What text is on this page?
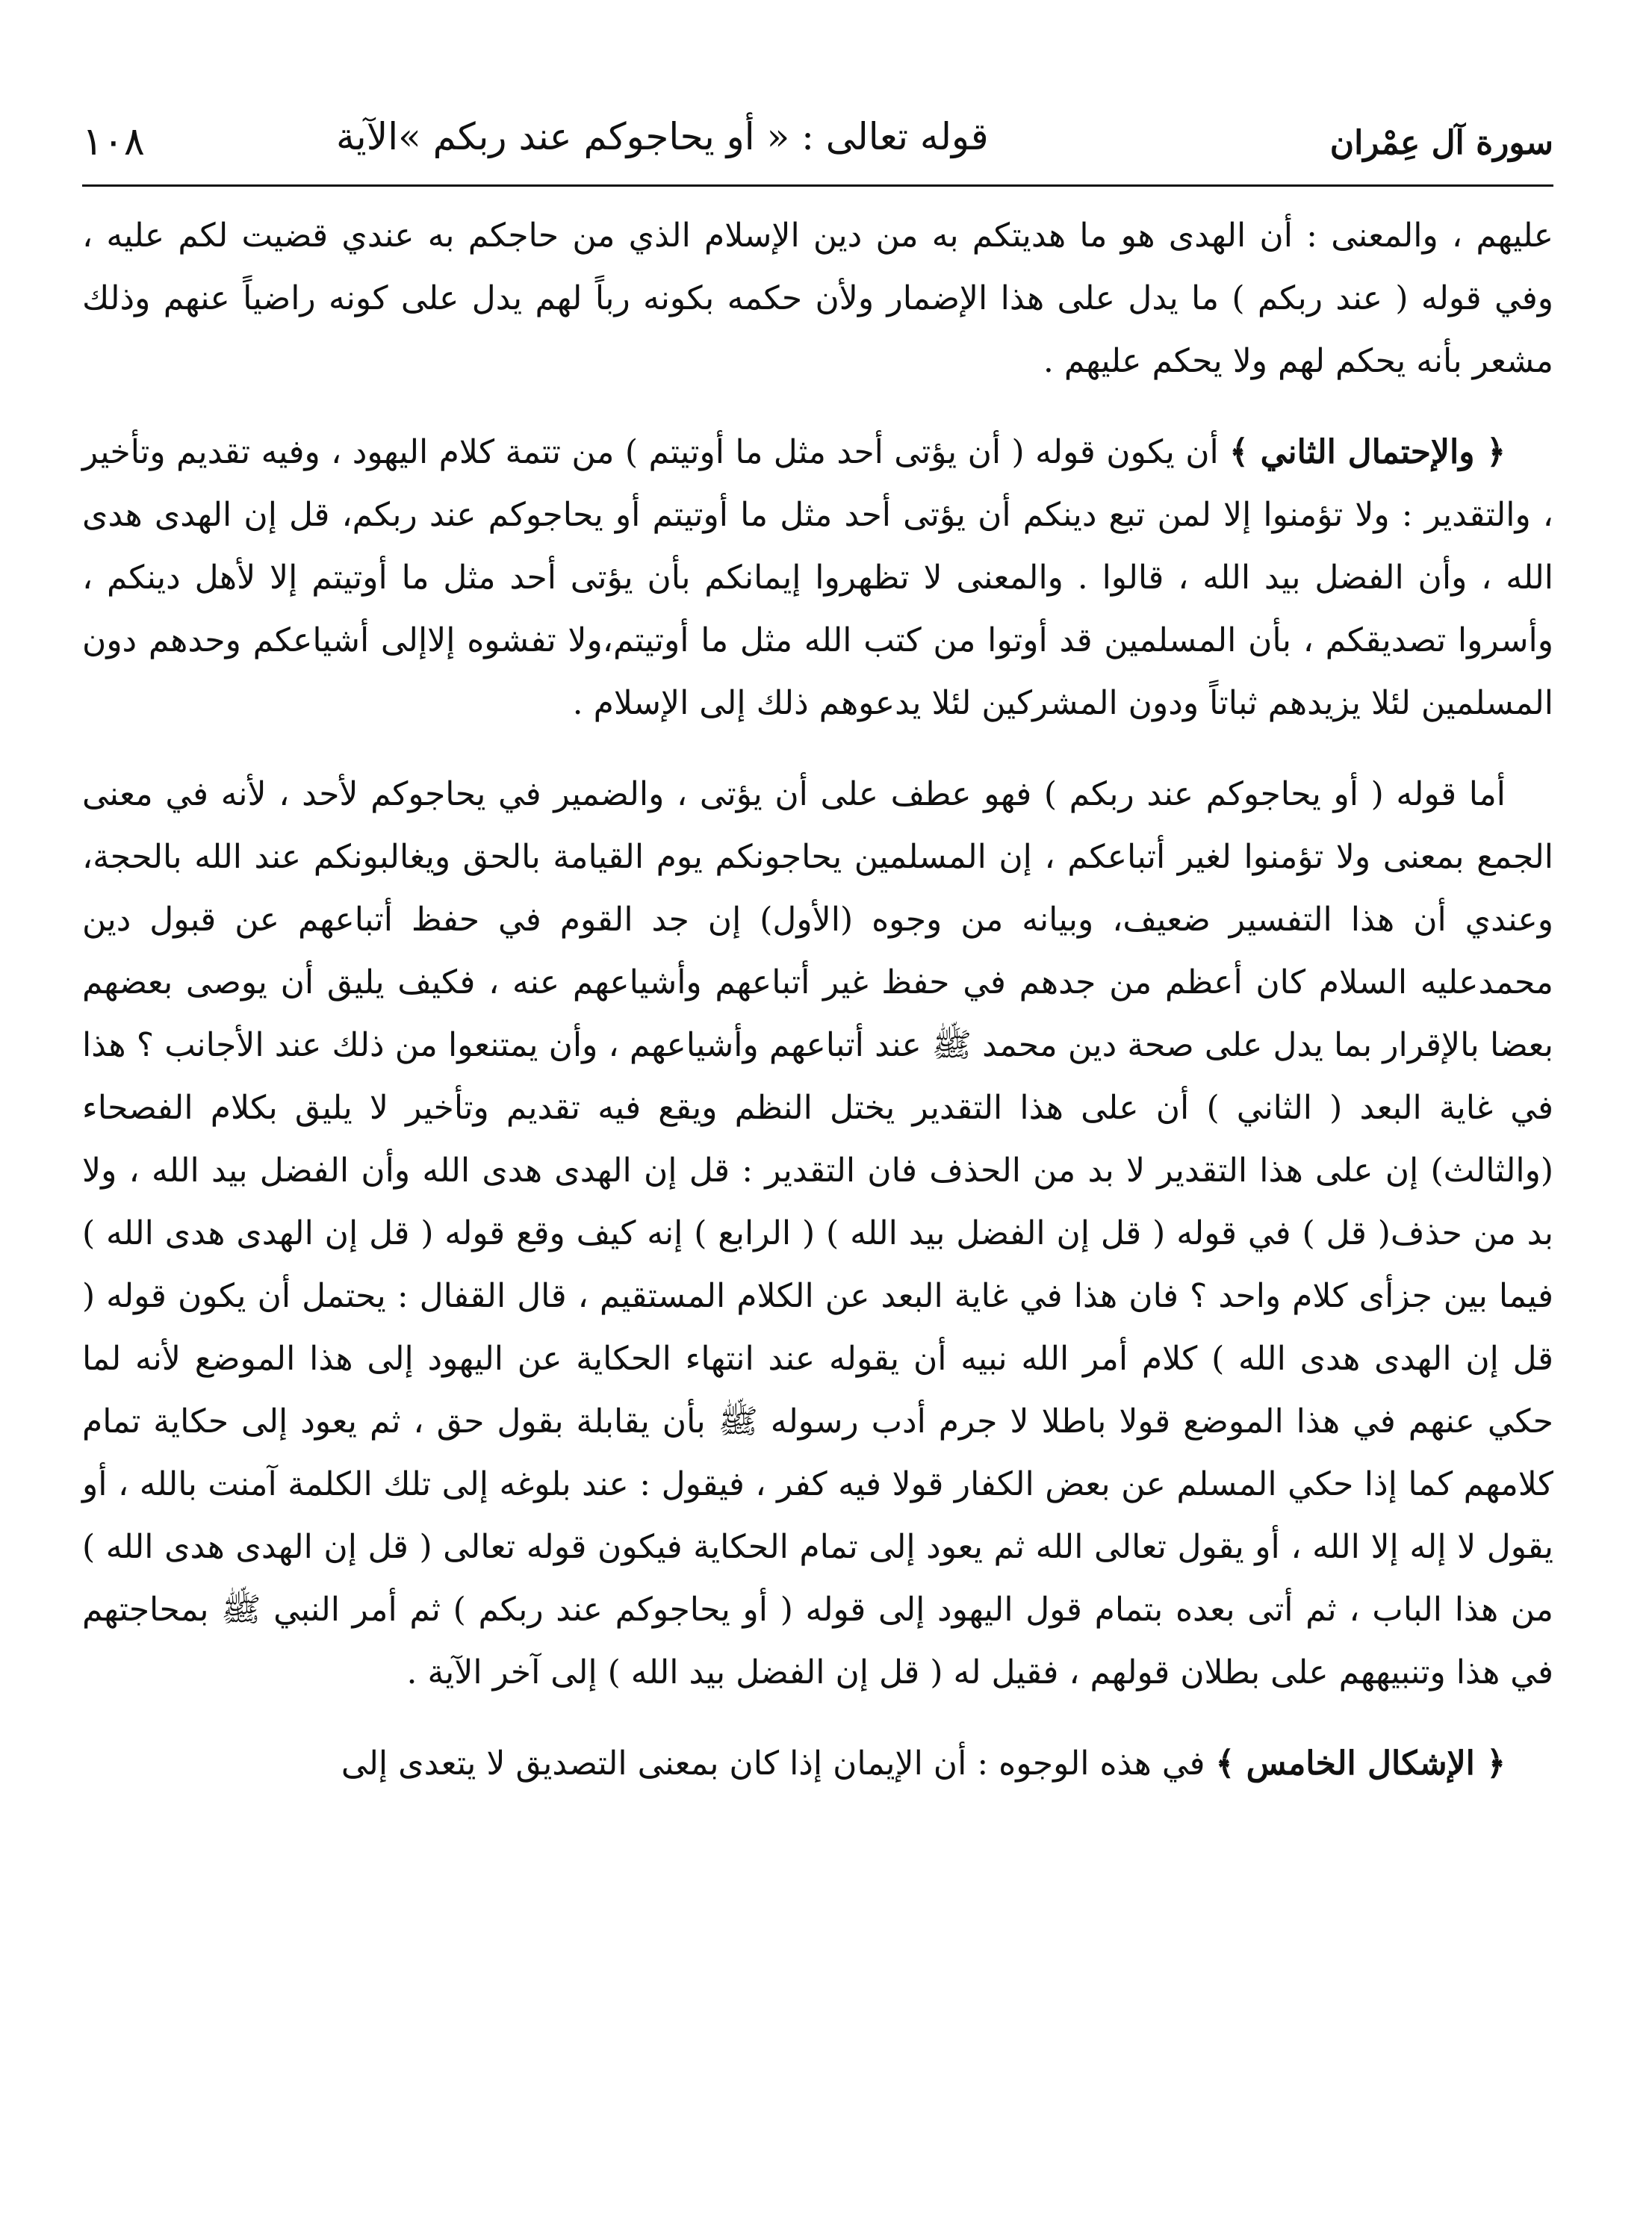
١٠٨	قوله تعالى : « أو يحاجوكم عند ربكم »الآية	سورة آل عِمْران

عليهم ، والمعنى : أن الهدى هو ما هديتكم به من دين الإسلام الذي من حاجكم به عندي قضيت لكم عليه ، وفي قوله ( عند ربكم ) ما يدل على هذا الإضمار ولأن حكمه بكونه رباً لهم يدل على كونه راضياً عنهم وذلك مشعر بأنه يحكم لهم ولا يحكم عليهم .

﴿ والإحتمال الثاني ﴾ أن يكون قوله ( أن يؤتى أحد مثل ما أوتيتم ) من تتمة كلام اليهود ، وفيه تقديم وتأخير ، والتقدير : ولا تؤمنوا إلا لمن تبع دينكم أن يؤتى أحد مثل ما أوتيتم أو يحاجوكم عند ربكم، قل إن الهدى هدى الله ، وأن الفضل بيد الله ، قالوا . والمعنى لا تظهروا إيمانكم بأن يؤتى أحد مثل ما أوتيتم إلا لأهل دينكم ، وأسروا تصديقكم ، بأن المسلمين قد أوتوا من كتب الله مثل ما أوتيتم،ولا تفشوه إلاإلى أشياعكم وحدهم دون المسلمين لئلا يزيدهم ثباتاً ودون المشركين لئلا يدعوهم ذلك إلى الإسلام .

أما قوله ( أو يحاجوكم عند ربكم ) فهو عطف على أن يؤتى ، والضمير في يحاجوكم لأحد ، لأنه في معنى الجمع بمعنى ولا تؤمنوا لغير أتباعكم ، إن المسلمين يحاجونكم يوم القيامة بالحق ويغالبونكم عند الله بالحجة، وعندي أن هذا التفسير ضعيف، وبيانه من وجوه (الأول) إن جد القوم في حفظ أتباعهم عن قبول دين محمدعليه السلام كان أعظم من جدهم في حفظ غير أتباعهم وأشياعهم عنه ، فكيف يليق أن يوصى بعضهم بعضا بالإقرار بما يدل على صحة دين محمد ﷺ عند أتباعهم وأشياعهم ، وأن يمتنعوا من ذلك عند الأجانب ؟ هذا في غاية البعد ( الثاني ) أن على هذا التقدير يختل النظم ويقع فيه تقديم وتأخير لا يليق بكلام الفصحاء (والثالث) إن على هذا التقدير لا بد من الحذف فان التقدير : قل إن الهدى هدى الله وأن الفضل بيد الله ، ولا بد من حذف( قل ) في قوله ( قل إن الفضل بيد الله ) ( الرابع ) إنه كيف وقع قوله ( قل إن الهدى هدى الله ) فيما بين جزأى كلام واحد ؟ فان هذا في غاية البعد عن الكلام المستقيم ، قال القفال : يحتمل أن يكون قوله ( قل إن الهدى هدى الله ) كلام أمر الله نبيه أن يقوله عند انتهاء الحكاية عن اليهود إلى هذا الموضع لأنه لما حكي عنهم في هذا الموضع قولا باطلا لا جرم أدب رسوله ﷺ بأن يقابلة بقول حق ، ثم يعود إلى حكاية تمام كلامهم كما إذا حكي المسلم عن بعض الكفار قولا فيه كفر ، فيقول : عند بلوغه إلى تلك الكلمة آمنت بالله ، أو يقول لا إله إلا الله ، أو يقول تعالى الله ثم يعود إلى تمام الحكاية فيكون قوله تعالى ( قل إن الهدى هدى الله ) من هذا الباب ، ثم أتى بعده بتمام قول اليهود إلى قوله ( أو يحاجوكم عند ربكم ) ثم أمر النبي ﷺ بمحاجتهم في هذا وتنبيههم على بطلان قولهم ، فقيل له ( قل إن الفضل بيد الله ) إلى آخر الآية .

﴿ الإشكال الخامس ﴾ في هذه الوجوه : أن الإيمان إذا كان بمعنى التصديق لا يتعدى إلى
